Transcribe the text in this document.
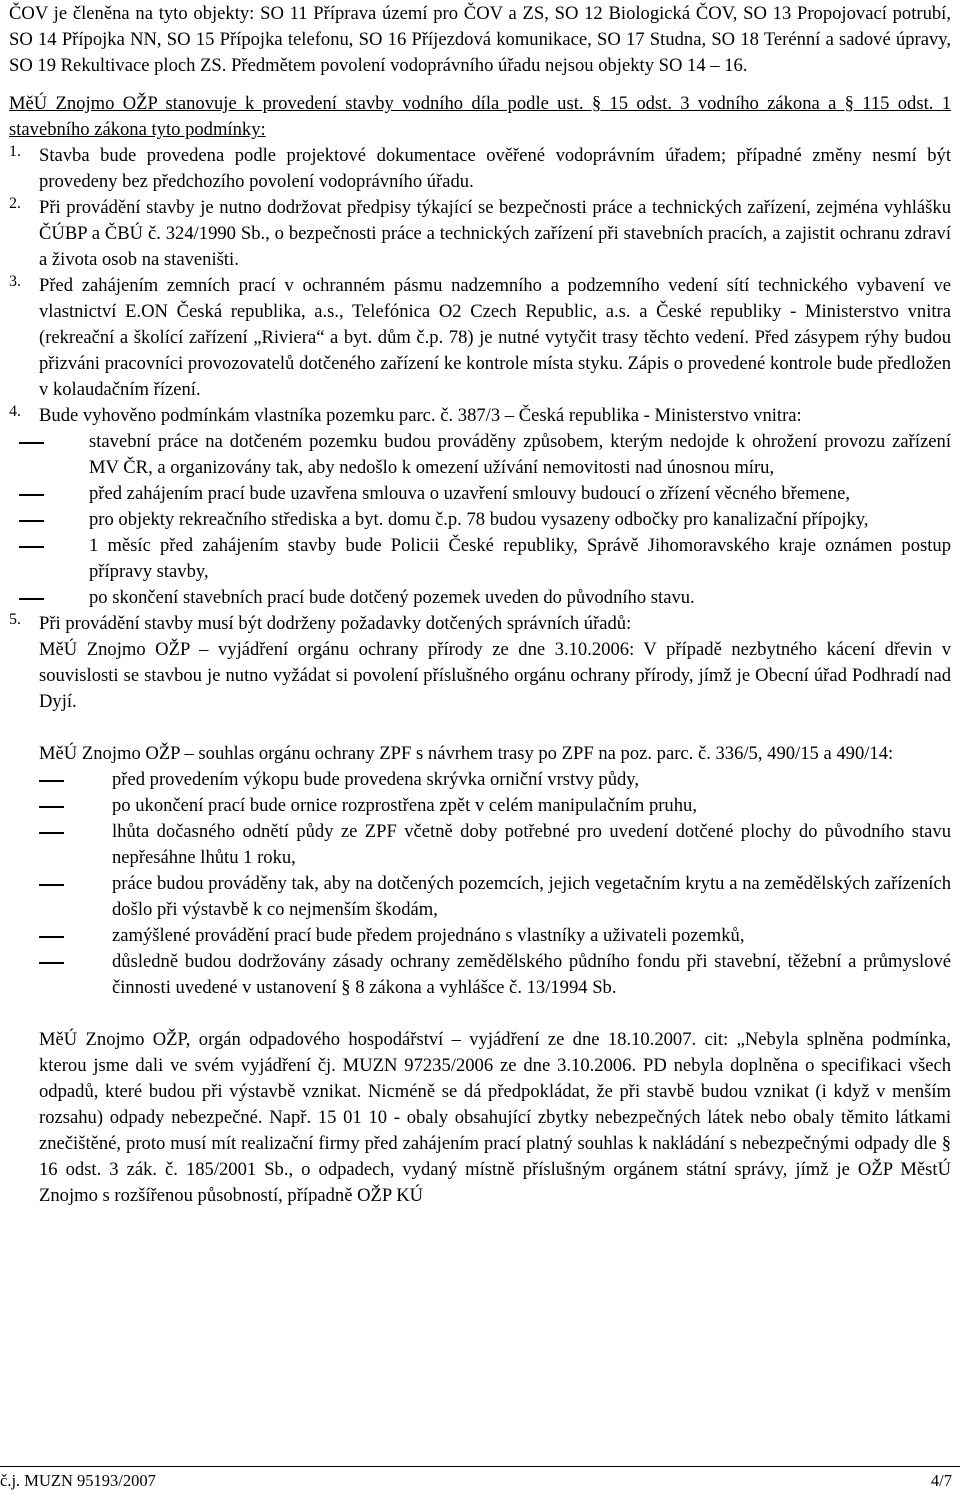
ČOV je členěna na tyto objekty: SO 11 Příprava území pro ČOV a ZS, SO 12 Biologická ČOV, SO 13 Propojovací potrubí, SO 14 Přípojka NN, SO 15 Přípojka telefonu, SO 16 Příjezdová komunikace, SO 17 Studna, SO 18 Terénní a sadové úpravy, SO 19 Rekultivace ploch ZS. Předmětem povolení vodoprávního úřadu nejsou objekty SO 14 – 16.

MěÚ Znojmo OŽP stanovuje k provedení stavby vodního díla podle ust. § 15 odst. 3 vodního zákona a § 115 odst. 1 stavebního zákona tyto podmínky:

1. Stavba bude provedena podle projektové dokumentace ověřené vodoprávním úřadem; případné změny nesmí být provedeny bez předchozího povolení vodoprávního úřadu.

2. Při provádění stavby je nutno dodržovat předpisy týkající se bezpečnosti práce a technických zařízení, zejména vyhlášku ČÚBP a ČBÚ č. 324/1990 Sb., o bezpečnosti práce a technických zařízení při stavebních pracích, a zajistit ochranu zdraví a života osob na staveništi.

3. Před zahájením zemních prací v ochranném pásmu nadzemního a podzemního vedení sítí technického vybavení ve vlastnictví E.ON Česká republika, a.s., Telefónica O2 Czech Republic, a.s. a České republiky - Ministerstvo vnitra (rekreační a školící zařízení „Riviera“ a byt. dům č.p. 78) je nutné vytyčit trasy těchto vedení. Před zásypem rýhy budou přizváni pracovníci provozovatelů dotčeného zařízení ke kontrole místa styku. Zápis o provedené kontrole bude předložen v kolaudačním řízení.

4. Bude vyhověno podmínkám vlastníka pozemku parc. č. 387/3 – Česká republika - Ministerstvo vnitra:

stavební práce na dotčeném pozemku budou prováděny způsobem, kterým nedojde k ohrožení provozu zařízení MV ČR, a organizovány tak, aby nedošlo k omezení užívání nemovitosti nad únosnou míru,
před zahájením prací bude uzavřena smlouva o uzavření smlouvy budoucí o zřízení věcného břemene,
pro objekty rekreačního střediska a byt. domu č.p. 78 budou vysazeny odbočky pro kanalizační přípojky,
1 měsíc před zahájením stavby bude Policii České republiky, Správě Jihomoravského kraje oznámen postup přípravy stavby,
po skončení stavebních prací bude dotčený pozemek uveden do původního stavu.
5. Při provádění stavby musí být dodrženy požadavky dotčených správních úřadů:

MěÚ Znojmo OŽP – vyjádření orgánu ochrany přírody ze dne 3.10.2006: V případě nezbytného kácení dřevin v souvislosti se stavbou je nutno vyžádat si povolení příslušného orgánu ochrany přírody, jímž je Obecní úřad Podhradí nad Dyjí.

MěÚ Znojmo OŽP – souhlas orgánu ochrany ZPF s návrhem trasy po ZPF na poz. parc. č. 336/5, 490/15 a 490/14:

před provedením výkopu bude provedena skrývka orniční vrstvy půdy,
po ukončení prací bude ornice rozprostřena zpět v celém manipulačním pruhu,
lhůta dočasného odnětí půdy ze ZPF včetně doby potřebné pro uvedení dotčené plochy do původního stavu nepřesáhne lhůtu 1 roku,
práce budou prováděny tak, aby na dotčených pozemcích, jejich vegetačním krytu a na zemědělských zařízeních došlo při výstavbě k co nejmenším škodám,
zamýšlené provádění prací bude předem projednáno s vlastníky a uživateli pozemků,
důsledně budou dodržovány zásady ochrany zemědělského půdního fondu při stavební, těžební a průmyslové činnosti uvedené v ustanovení § 8 zákona a vyhlášce č. 13/1994 Sb.

MěÚ Znojmo OŽP, orgán odpadového hospodářství – vyjádření ze dne 18.10.2007. cit: „Nebyla splněna podmínka, kterou jsme dali ve svém vyjádření čj. MUZN 97235/2006 ze dne 3.10.2006. PD nebyla doplněna o specifikaci všech odpadů, které budou při výstavbě vznikat. Nicméně se dá předpokládat, že při stavbě budou vznikat (i když v menším rozsahu) odpady nebezpečné. Např. 15 01 10 - obaly obsahující zbytky nebezpečných látek nebo obaly těmito látkami znečištěné, proto musí mít realizační firmy před zahájením prací platný souhlas k nakládání s nebezpečnými odpady dle § 16 odst. 3 zák. č. 185/2001 Sb., o odpadech, vydaný místně příslušným orgánem státní správy, jímž je OŽP MěstÚ Znojmo s rozšířenou působností, případně OŽP KÚ

č.j. MUZN 95193/2007	4/7
